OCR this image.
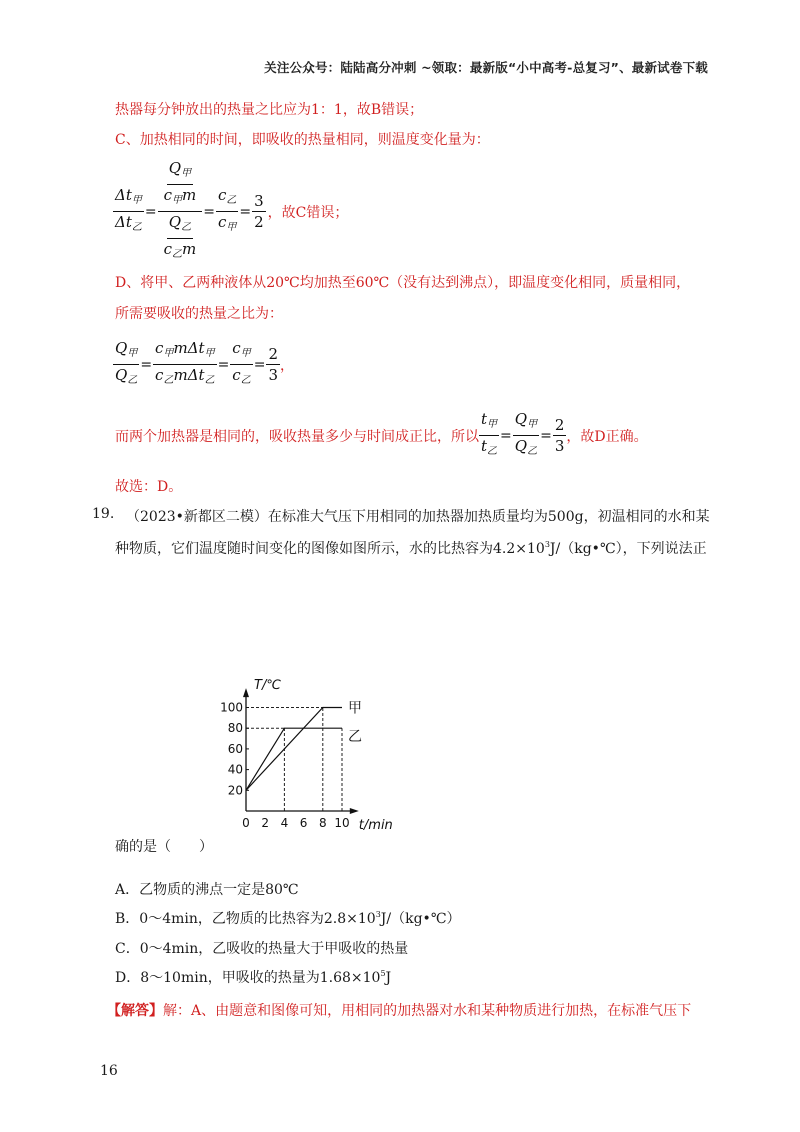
关注公众号：陆陆高分冲刺 ~领取：最新版“小中高考-总复习”、最新试卷下载
热器每分钟放出的热量之比应为1：1，故B错误；
C、加热相同的时间，即吸收的热量相同，则温度变化量为：
$\frac{\Delta t_甲}{\Delta t_乙} = \frac{\frac{Q_甲}{c_甲m}}{\frac{Q_乙}{c_乙m}} = \frac{c_乙}{c_甲} = \frac{3}{2}$ ，故C错误；
D、将甲、乙两种液体从20℃均加热至60℃（没有达到沸点），即温度变化相同，质量相同，
所需要吸收的热量之比为：
$\frac{Q_甲}{Q_乙} = \frac{c_甲m\Delta t_甲}{c_乙m\Delta t_乙} = \frac{c_甲}{c_乙} = \frac{2}{3}$ ，
而两个加热器是相同的，吸收热量多少与时间成正比，所以 $\frac{t_甲}{t_乙} = \frac{Q_甲}{Q_乙} = \frac{2}{3}$ ，故D正确。
故选：D。
19. （2023•新都区二模）在标准大气压下用相同的加热器加热质量均为500g，初温相同的水和某
种物质，它们温度随时间变化的图像如图所示，水的比热容为$4.2\times 10^3J/(kg•℃)$，下列说法正
甲
乙
0 2 4 6 8 10
20
40
60
80
100
T/℃
t/min
确的是（　　）
A．乙物质的沸点一定是80℃
B．0～4min，乙物质的比热容为$2.8\times 10^3J/(kg•℃)$
C．0～4min，乙吸收的热量大于甲吸收的热量
D．8～10min，甲吸收的热量为$1.68\times 10^5J$
【解答】解：A、由题意和图像可知，用相同的加热器对水和某种物质进行加热，在标准气压下
16
